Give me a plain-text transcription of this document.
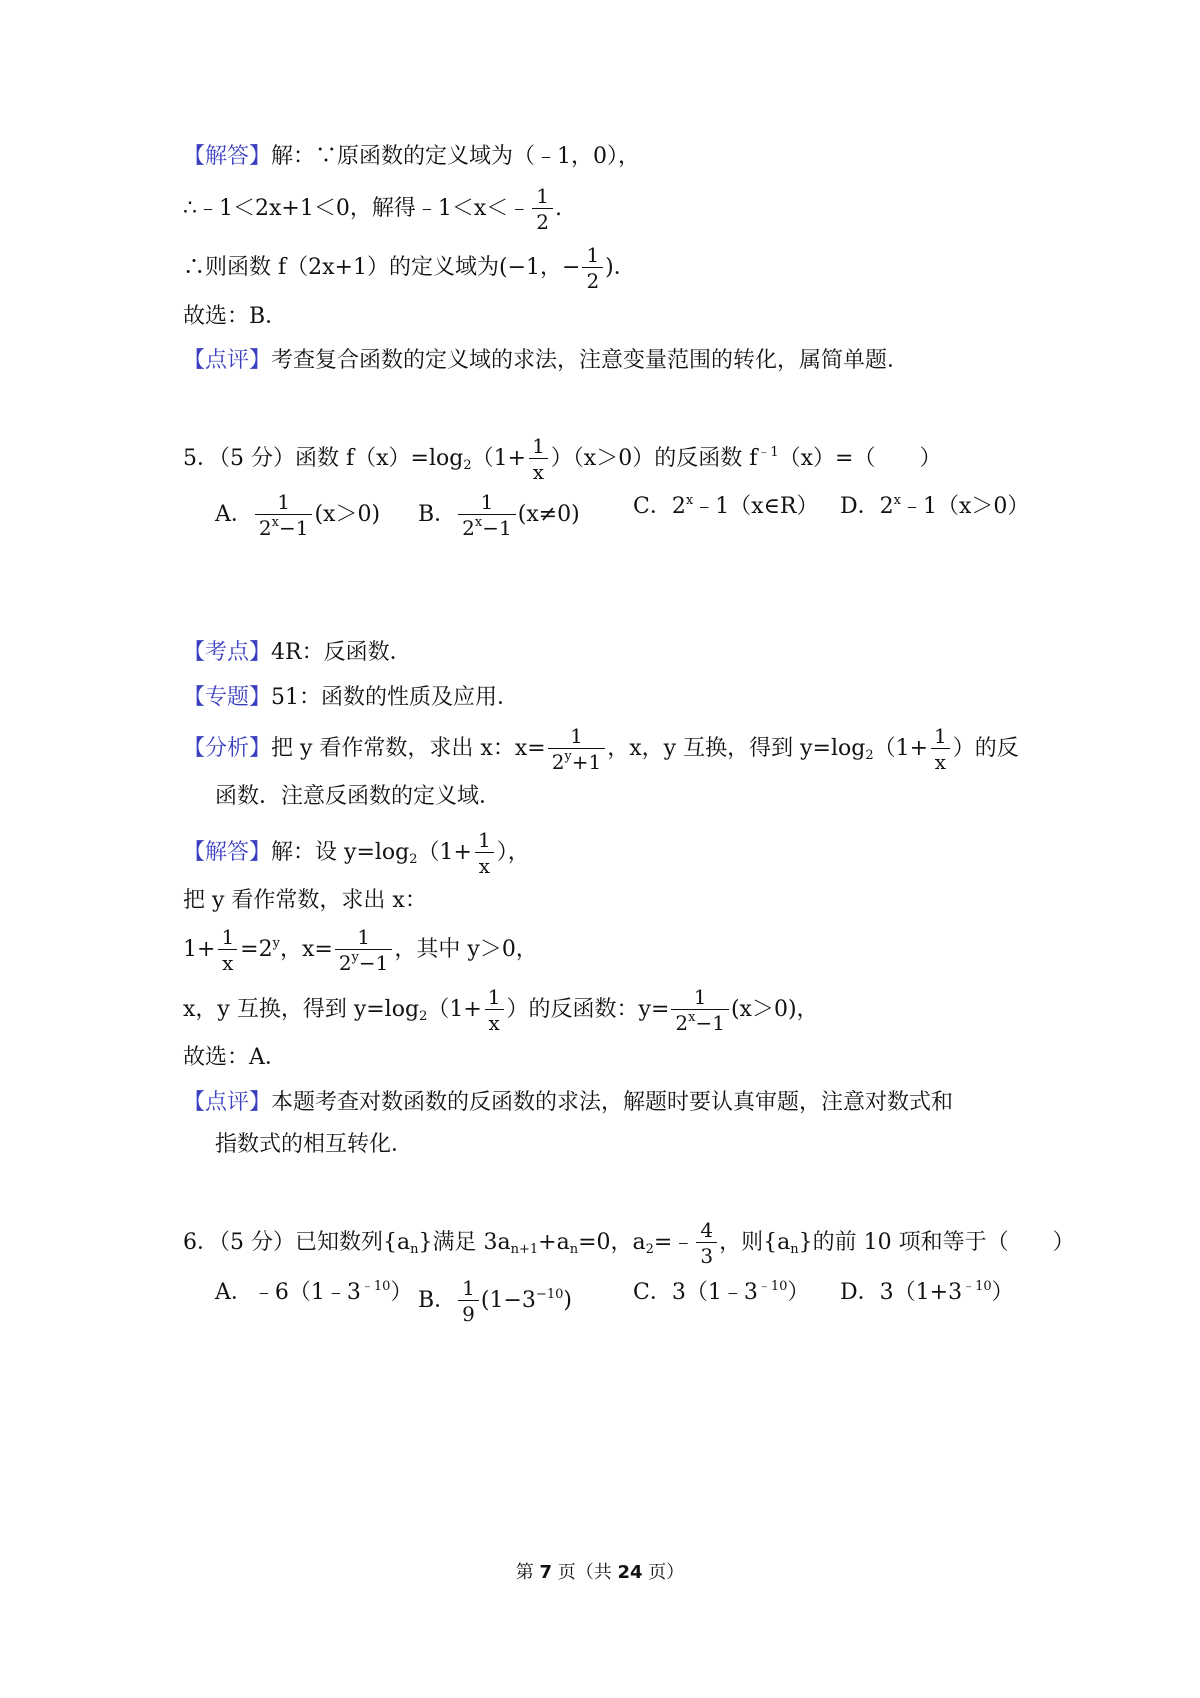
【解答】解：∵原函数的定义域为（﹣1，0），
∴﹣1＜2x+1＜0，解得﹣1＜x＜﹣ $\frac{1}{2}$ .
∴则函数 f（2x+1）的定义域为(−1，− $\frac{1}{2}$ )．
故选：B．
【点评】考查复合函数的定义域的求法，注意变量范围的转化，属简单题．
5．（5 分）函数 $f(x)=\log_2(1+ \frac{1}{x} )(x>0)$的反函数 $f^{﹣1}(x)=$（　　）
A． $\frac{1}{2^x-1} (x>0)$ B． $\frac{1}{2^x-1} (x\ne 0)$ C．2$^x$﹣1（x∈R） D．$2^x﹣1(x>0)$
【考点】4R：反函数．
【专题】51：函数的性质及应用．
【分析】把 y 看作常数，求出 x：$x= \frac{1}{2^y+1}$ ，x，y 互换，得到 $y=\log_2(1+ \frac{1}{x}$ ）的反
函数．注意反函数的定义域．
【解答】解：设 $y=\log_2(1+ \frac{1}{x}$ ），
把 y 看作常数，求出 x：
$1+ \frac{1}{x} =2^y$，$x= \frac{1}{2^y-1}$ ，其中 y＞0，
x，y 互换，得到 $y=\log_2(1+ \frac{1}{x}$ ）的反函数：$y= \frac{1}{2^x-1} (x>0)$，
故选：A．
【点评】本题考查对数函数的反函数的求法，解题时要认真审题，注意对数式和
指数式的相互转化．
6．（5 分）已知数列$\{a_n\}$满足 $3a_{n+1}+a_n=0$，$a_2=﹣ \frac{4}{3}$ ，则$\{a_n\}$的前 10 项和等于（　　）
A．$﹣6(1﹣3^{﹣10})$ B． $\frac{1}{9} (1-3^{-10})$	C．$3(1﹣3^{﹣10})$ D．$3(1+3^{﹣10})$
第 7 页（共 24 页）
